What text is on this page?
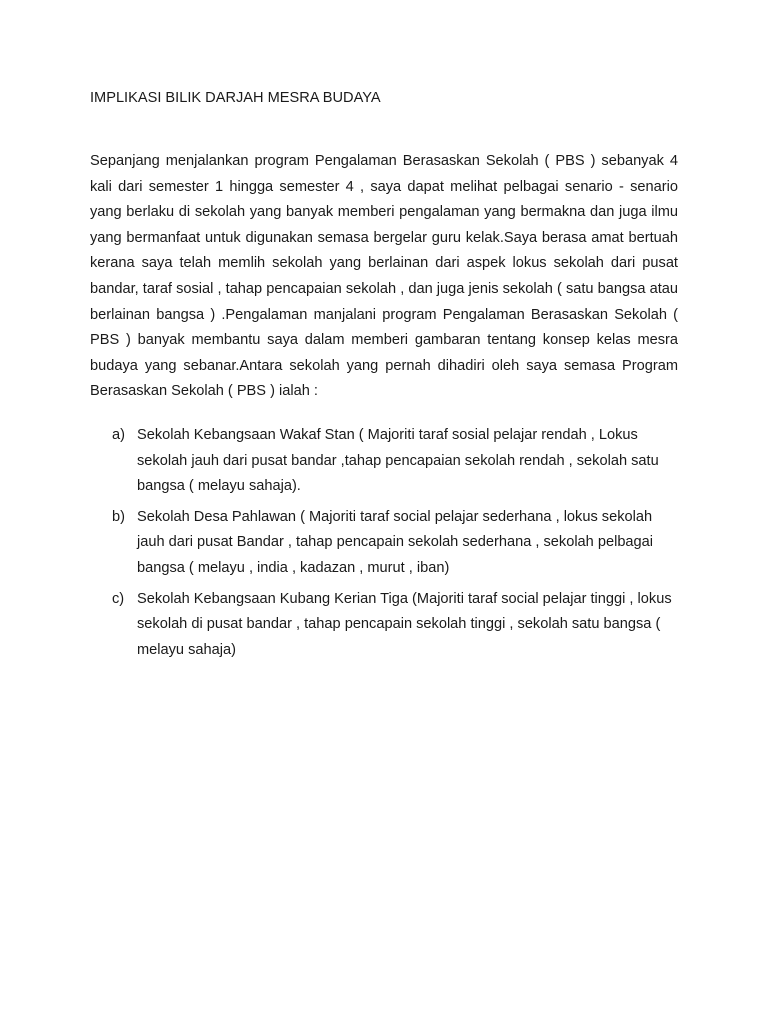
IMPLIKASI BILIK DARJAH MESRA BUDAYA

Sepanjang menjalankan program Pengalaman Berasaskan Sekolah ( PBS ) sebanyak 4 kali dari semester 1 hingga semester 4 , saya dapat melihat pelbagai senario - senario yang berlaku di sekolah yang banyak memberi pengalaman yang bermakna dan juga ilmu yang bermanfaat untuk digunakan semasa bergelar guru kelak.Saya berasa amat bertuah kerana saya telah memlih sekolah yang berlainan dari aspek lokus sekolah dari pusat bandar, taraf sosial , tahap pencapaian sekolah , dan juga jenis sekolah ( satu bangsa atau berlainan bangsa ) .Pengalaman manjalani program Pengalaman Berasaskan Sekolah ( PBS ) banyak membantu saya dalam memberi gambaran tentang konsep kelas mesra budaya yang sebanar.Antara sekolah yang pernah dihadiri oleh saya semasa Program Berasaskan Sekolah ( PBS ) ialah :

a) Sekolah Kebangsaan Wakaf Stan ( Majoriti taraf sosial pelajar rendah , Lokus sekolah jauh dari pusat bandar ,tahap pencapaian sekolah rendah , sekolah satu bangsa ( melayu sahaja).
b) Sekolah Desa Pahlawan ( Majoriti taraf social pelajar sederhana , lokus sekolah jauh dari pusat Bandar , tahap pencapain sekolah sederhana , sekolah pelbagai bangsa ( melayu , india , kadazan , murut , iban)
c) Sekolah Kebangsaan Kubang Kerian Tiga (Majoriti taraf social pelajar tinggi , lokus sekolah di pusat bandar , tahap pencapain sekolah tinggi , sekolah satu bangsa ( melayu sahaja)
